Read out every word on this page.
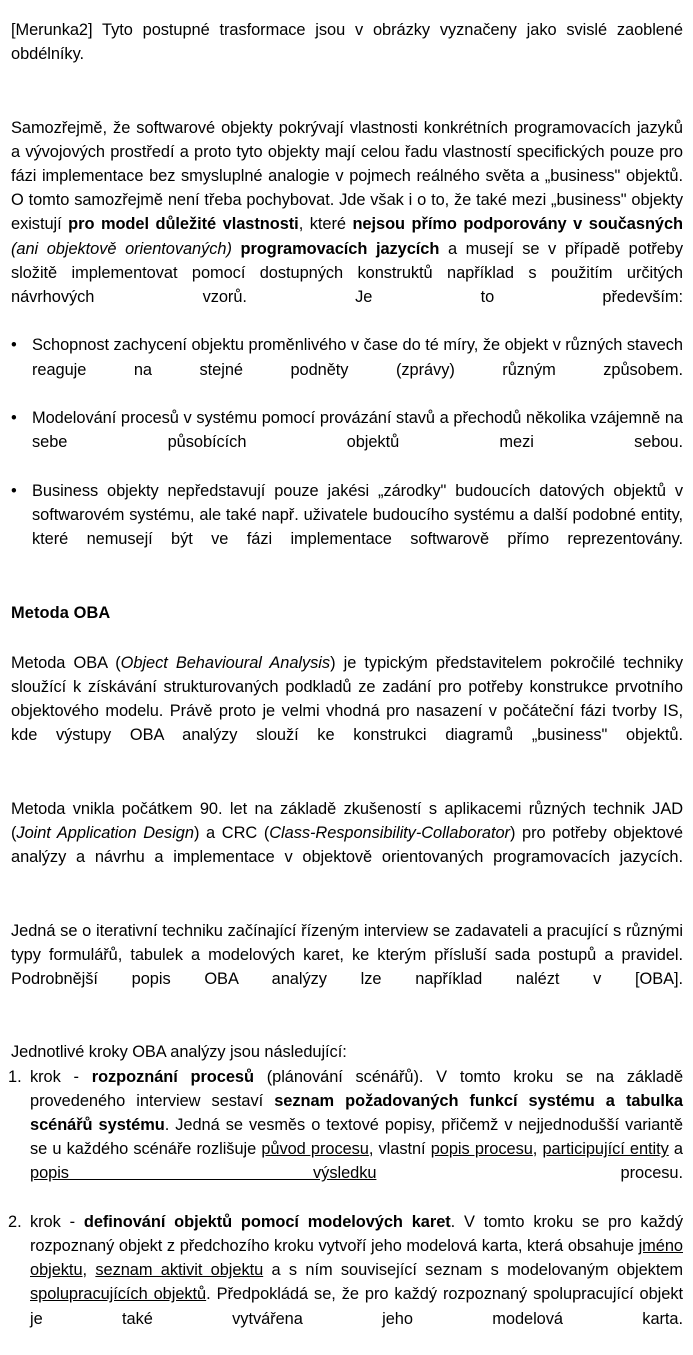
[Merunka2] Tyto postupné trasformace jsou v obrázky vyznačeny jako svislé zaoblené obdélníky.

Samozřejmě, že softwarové objekty pokrývají vlastnosti konkrétních programovacích jazyků a vývojových prostředí a proto tyto objekty mají celou řadu vlastností specifických pouze pro fázi implementace bez smysluplné analogie v pojmech reálného světa a „business" objektů. O tomto samozřejmě není třeba pochybovat. Jde však i o to, že také mezi „business" objekty existují pro model důležité vlastnosti, které nejsou přímo podporovány v současných (ani objektově orientovaných) programovacích jazycích a musejí se v případě potřeby složitě implementovat pomocí dostupných konstruktů například s použitím určitých návrhových vzorů. Je to především:

• Schopnost zachycení objektu proměnlivého v čase do té míry, že objekt v různých stavech reaguje na stejné podněty (zprávy) různým způsobem.
• Modelování procesů v systému pomocí provázání stavů a přechodů několika vzájemně na sebe působících objektů mezi sebou.
• Business objekty nepředstavují pouze jakési „zárodky" budoucích datových objektů v softwarovém systému, ale také např. uživatele budoucího systému a další podobné entity, které nemusejí být ve fázi implementace softwarově přímo reprezentovány.
Metoda OBA

Metoda OBA (Object Behavioural Analysis) je typickým představitelem pokročilé techniky sloužící k získávání strukturovaných podkladů ze zadání pro potřeby konstrukce prvotního objektového modelu. Právě proto je velmi vhodná pro nasazení v počáteční fázi tvorby IS, kde výstupy OBA analýzy slouží ke konstrukci diagramů „business" objektů.

Metoda vnikla počátkem 90. let na základě zkušeností s aplikacemi různých technik JAD (Joint Application Design) a CRC (Class-Responsibility-Collaborator) pro potřeby objektové analýzy a návrhu a implementace v objektově orientovaných programovacích jazycích.

Jedná se o iterativní techniku začínající řízeným interview se zadavateli a pracující s různými typy formulářů, tabulek a modelových karet, ke kterým přísluší sada postupů a pravidel. Podrobnější popis OBA analýzy lze například nalézt v [OBA].

Jednotlivé kroky OBA analýzy jsou následující:

1. krok - rozpoznání procesů (plánování scénářů). V tomto kroku se na základě provedeného interview sestaví seznam požadovaných funkcí systému a tabulka scénářů systému. Jedná se vesměs o textové popisy, přičemž v nejjednodušší variantě se u každého scénáře rozlišuje původ procesu, vlastní popis procesu, participující entity a popis výsledku procesu.
2. krok - definování objektů pomocí modelových karet. V tomto kroku se pro každý rozpoznaný objekt z předchozího kroku vytvoří jeho modelová karta, která obsahuje jméno objektu, seznam aktivit objektu a s ním související seznam s modelovaným objektem spolupracujících objektů. Předpokládá se, že pro každý rozpoznaný spolupracující objekt je také vytvářena jeho modelová karta.
